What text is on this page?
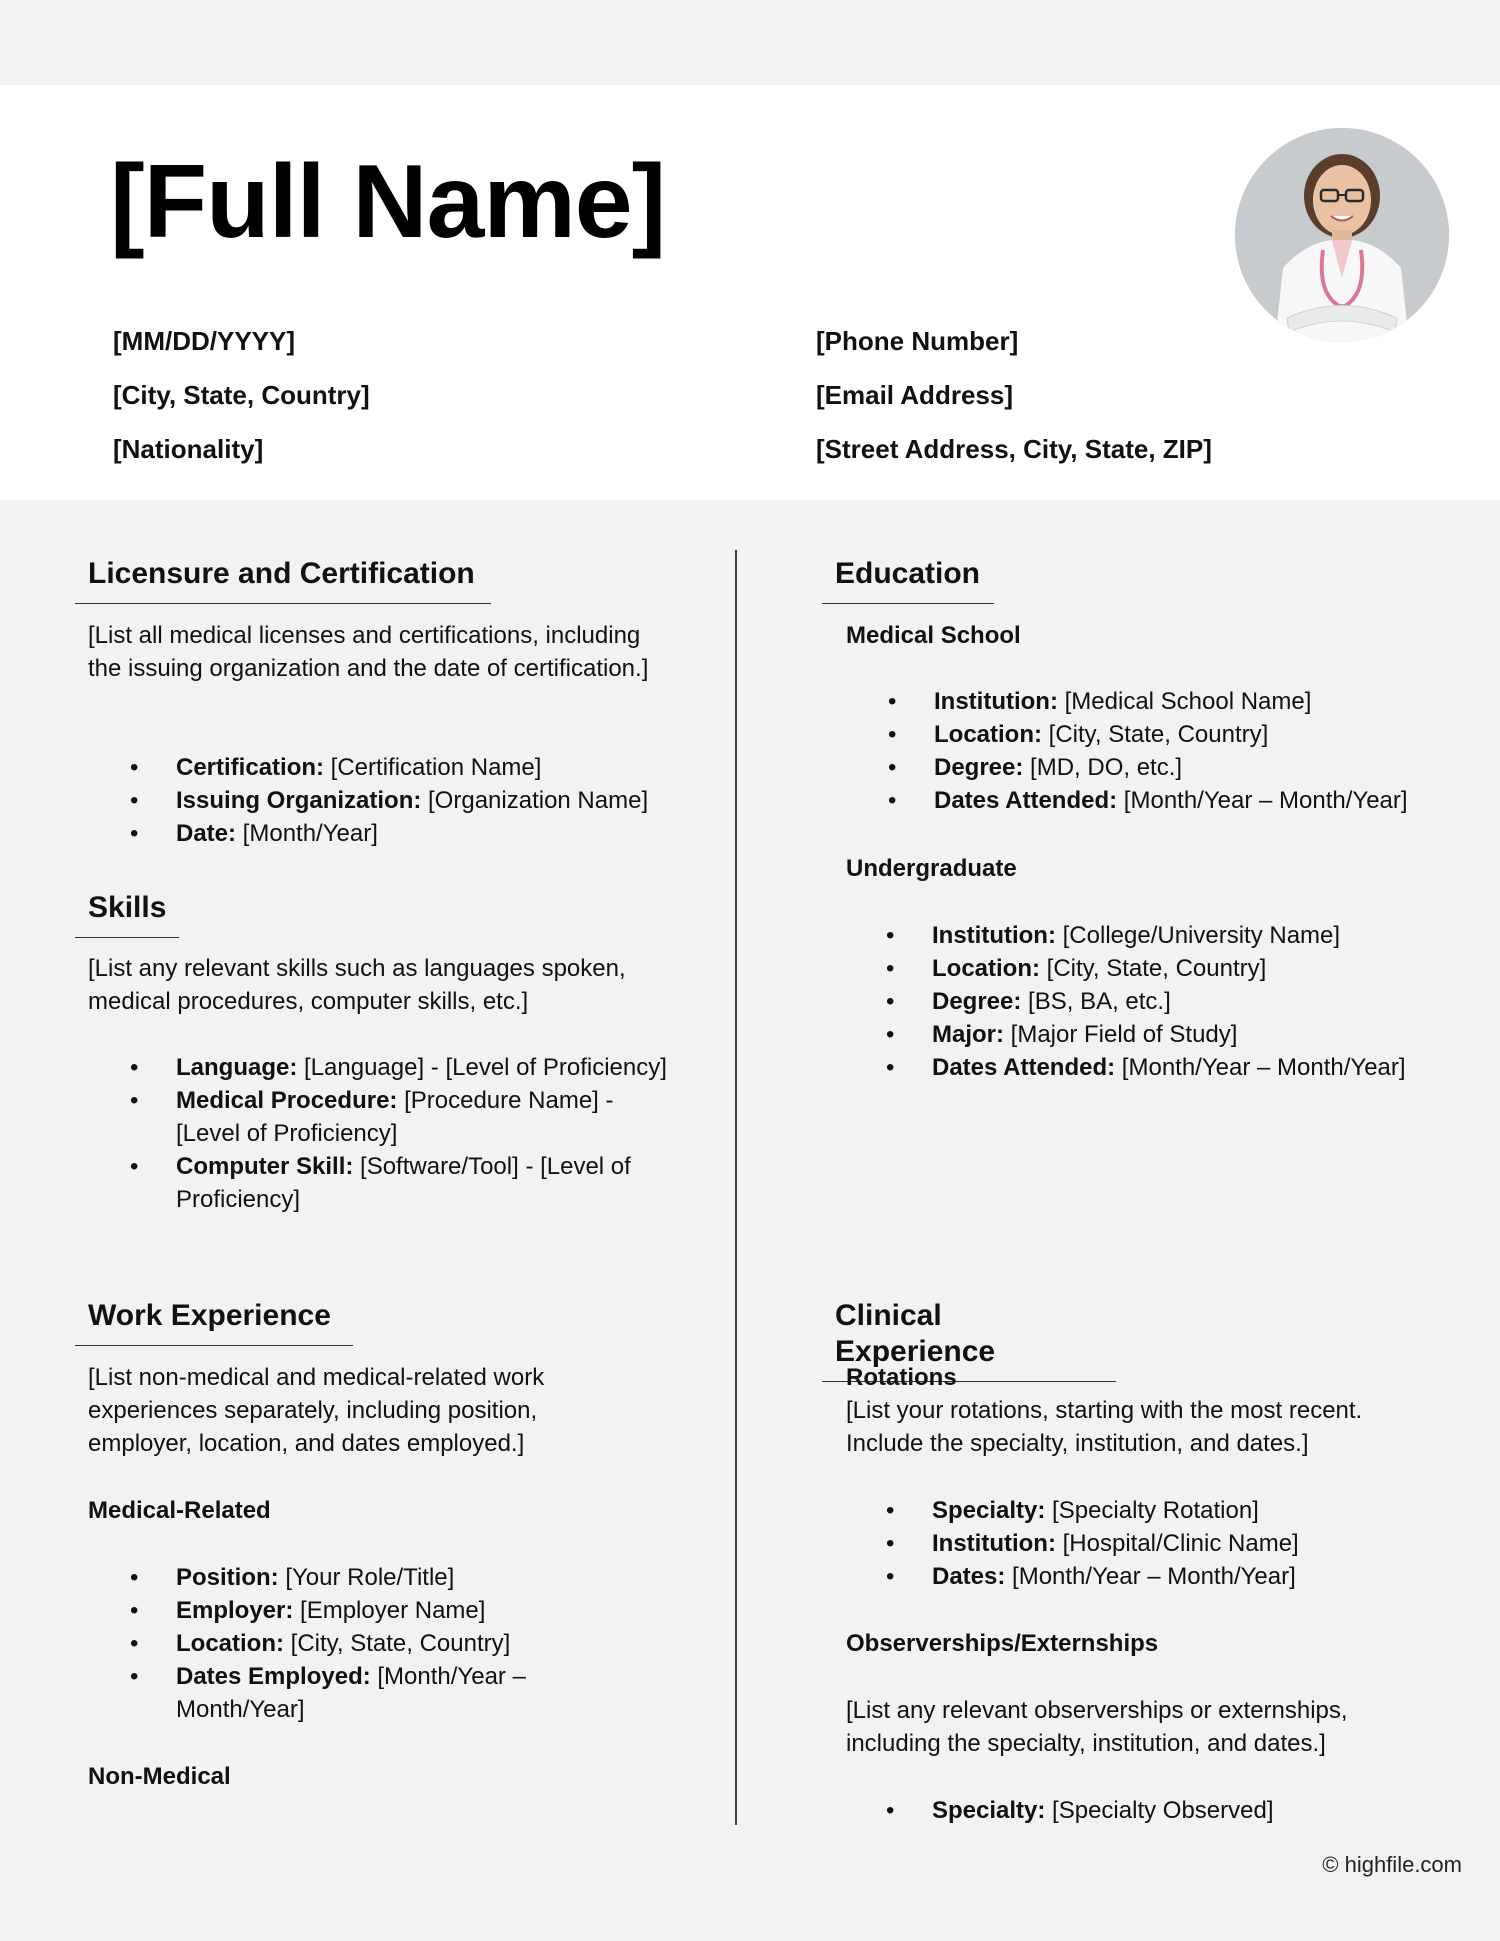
[Full Name]
[MM/DD/YYYY]
[City, State, Country]
[Nationality]
[Phone Number]
[Email Address]
[Street Address, City, State, ZIP]
Licensure and Certification
[List all medical licenses and certifications, including the issuing organization and the date of certification.]
• Certification: [Certification Name]
• Issuing Organization: [Organization Name]
• Date: [Month/Year]
Skills
[List any relevant skills such as languages spoken, medical procedures, computer skills, etc.]
• Language: [Language] - [Level of Proficiency]
• Medical Procedure: [Procedure Name] - [Level of Proficiency]
• Computer Skill: [Software/Tool] - [Level of Proficiency]
Work Experience
[List non-medical and medical-related work experiences separately, including position, employer, location, and dates employed.]
Medical-Related
• Position: [Your Role/Title]
• Employer: [Employer Name]
• Location: [City, State, Country]
• Dates Employed: [Month/Year – Month/Year]
Non-Medical
Education
Medical School
• Institution: [Medical School Name]
• Location: [City, State, Country]
• Degree: [MD, DO, etc.]
• Dates Attended: [Month/Year – Month/Year]
Undergraduate
• Institution: [College/University Name]
• Location: [City, State, Country]
• Degree: [BS, BA, etc.]
• Major: [Major Field of Study]
• Dates Attended: [Month/Year – Month/Year]
Clinical Experience
Rotations
[List your rotations, starting with the most recent. Include the specialty, institution, and dates.]
• Specialty: [Specialty Rotation]
• Institution: [Hospital/Clinic Name]
• Dates: [Month/Year – Month/Year]
Observerships/Externships
[List any relevant observerships or externships, including the specialty, institution, and dates.]
• Specialty: [Specialty Observed]
© highfile.com
